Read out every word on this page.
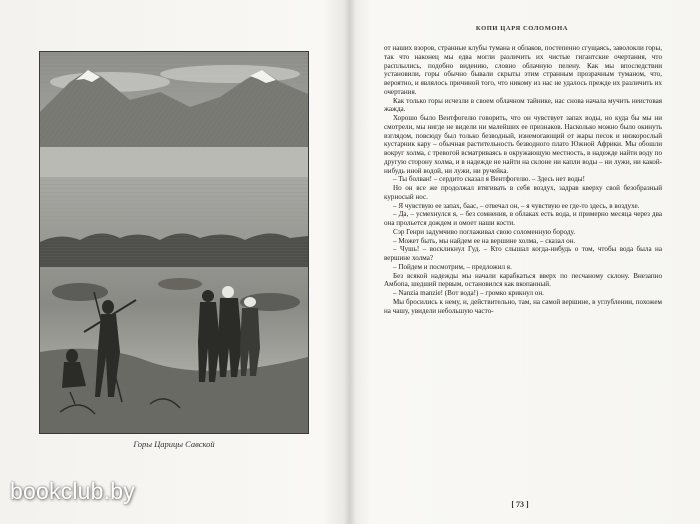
Горы Царицы Савской
КОПИ ЦАРЯ СОЛОМОНА

от наших взоров, странные клубы тумана и облаков, постепенно сгущаясь, заволокли горы, так что наконец мы едва могли различить их чистые гигантские очертания, что расплылись, подобно видению, словно облачную пелену. Как мы впоследствии установили, горы обычно бывали скрыты этим странным прозрачным туманом, что, вероятно, и являлось причиной того, что никому из нас не удалось прежде их различить их очертания.

Как только горы исчезли в своем облачном тайнике, нас снова начала мучить неистовая жажда.

Хорошо было Вентфогелю говорить, что он чувствует запах воды, но куда бы мы ни смотрели, мы нигде не видели ни малейших ее признаков. Насколько можно было окинуть взглядом, повсюду был только безводный, изнемогающий от жары песок и низкорослый кустарник кару – обычная растительность безводного плато Южной Африки. Мы обошли вокруг холма, с тревогой всматриваясь в окружающую местность, в надежде найти воду по другую сторону холма, и в надежде не найти на склоне ни капли воды – ни лужи, ни какой-нибудь иной водой, ни лужи, ни ручейка.

– Ты болван! – сердито сказал я Вентфогелю. – Здесь нет воды!

Но он все же продолжал втягивать в себя воздух, задрав кверху свой безобразный курносый нос.

– Я чувствую ее запах, баас, – отвечал он, – я чувствую ее где-то здесь, в воздухе.

– Да, – усмехнулся я, – без сомнения, в облаках есть вода, и примерно месяца через два она прольется дождем и омоет наши кости.

Сэр Генри задумчиво поглаживал свою соломенную бороду.

– Может быть, мы найдем ее на вершине холма, – сказал он.

– Чушь! – воскликнул Гуд. – Кто слышал когда-нибудь о том, чтобы вода была на вершине холма?

– Пойдем и посмотрим, – предложил я.

Без всякой надежды мы начали карабкаться вверх по песчаному склону. Внезапно Амбопа, шедший первым, остановился как вкопанный.

– Nanzia manzie! (Вот вода!) – громко крикнул он.

Мы бросились к нему, и, действительно, там, на самой вершине, в углублении, похожем на чашу, увидели небольшую часто-

[ 73 ]
bookclub.by
